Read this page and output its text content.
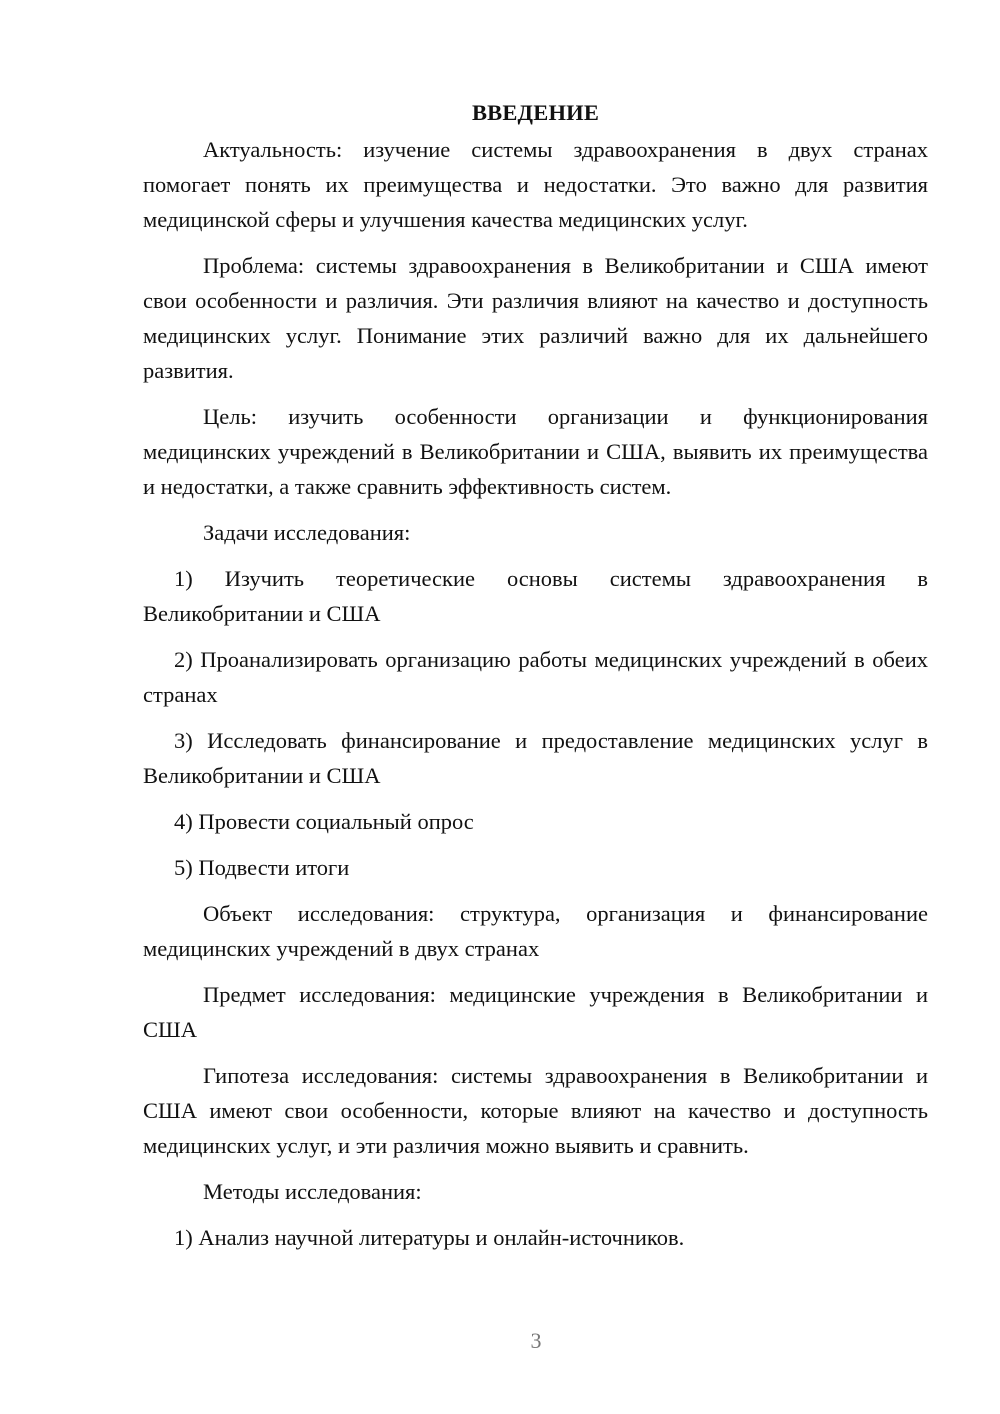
ВВЕДЕНИЕ

Актуальность: изучение системы здравоохранения в двух странах помогает понять их преимущества и недостатки. Это важно для развития медицинской сферы и улучшения качества медицинских услуг.

Проблема: системы здравоохранения в Великобритании и США имеют свои особенности и различия. Эти различия влияют на качество и доступность медицинских услуг. Понимание этих различий важно для их дальнейшего развития.

Цель: изучить особенности организации и функционирования медицинских учреждений в Великобритании и США, выявить их преимущества и недостатки, а также сравнить эффективность систем.

Задачи исследования:

1) Изучить теоретические основы системы здравоохранения в Великобритании и США

2) Проанализировать организацию работы медицинских учреждений в обеих странах

3) Исследовать финансирование и предоставление медицинских услуг в Великобритании и США

4) Провести социальный опрос

5) Подвести итоги

Объект исследования: структура, организация и финансирование медицинских учреждений в двух странах

Предмет исследования: медицинские учреждения в Великобритании и США

Гипотеза исследования: системы здравоохранения в Великобритании и США имеют свои особенности, которые влияют на качество и доступность медицинских услуг, и эти различия можно выявить и сравнить.

Методы исследования:

1) Анализ научной литературы и онлайн-источников.

3
